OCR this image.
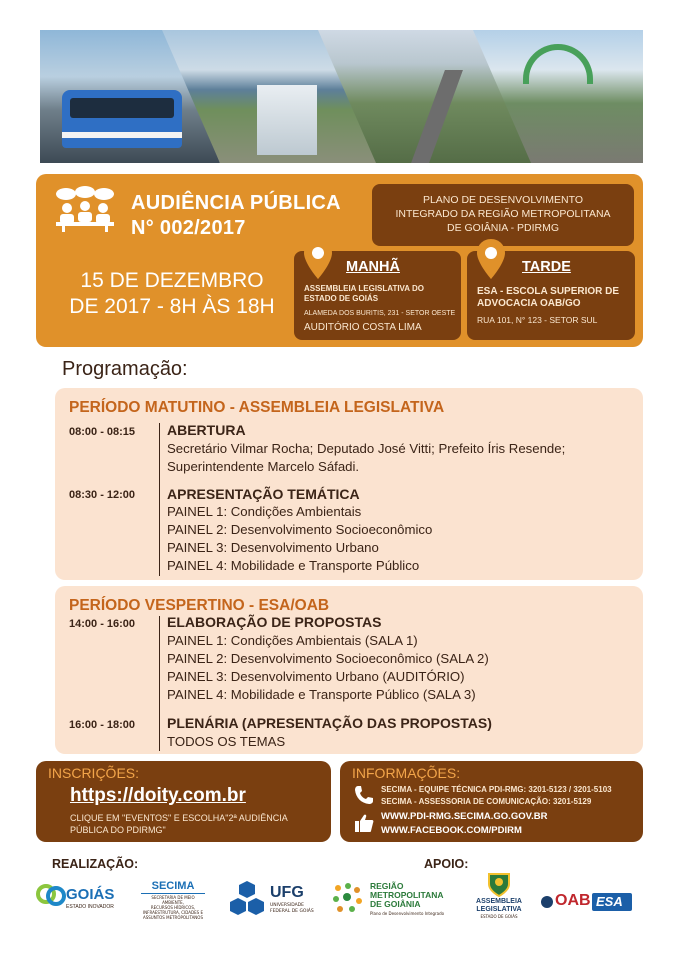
AUDIÊNCIA PÚBLICA
N° 002/2017
PLANO DE DESENVOLVIMENTO
INTEGRADO DA REGIÃO METROPOLITANA
DE GOIÂNIA - PDIRMG
15 DE DEZEMBRO
DE 2017 - 8H ÀS 18H
MANHÃ
ASSEMBLEIA LEGISLATIVA DO
ESTADO DE GOIÁS
ALAMEDA DOS BURITIS, 231 - SETOR OESTE
AUDITÓRIO COSTA LIMA
TARDE
ESA - ESCOLA SUPERIOR DE
ADVOCACIA OAB/GO
RUA 101, N° 123 - SETOR SUL
Programação:
PERÍODO MATUTINO - ASSEMBLEIA LEGISLATIVA
08:00 - 08:15 ABERTURA
Secretário Vilmar Rocha; Deputado José Vitti; Prefeito Íris Resende;
Superintendente Marcelo Sáfadi.
08:30 - 12:00 APRESENTAÇÃO TEMÁTICA
PAINEL 1: Condições Ambientais
PAINEL 2: Desenvolvimento Socioeconômico
PAINEL 3: Desenvolvimento Urbano
PAINEL 4: Mobilidade e Transporte Público
PERÍODO VESPERTINO - ESA/OAB
14:00 - 16:00 ELABORAÇÃO DE PROPOSTAS
PAINEL 1: Condições Ambientais (SALA 1)
PAINEL 2: Desenvolvimento Socioeconômico (SALA 2)
PAINEL 3: Desenvolvimento Urbano (AUDITÓRIO)
PAINEL 4: Mobilidade e Transporte Público (SALA 3)
16:00 - 18:00 PLENÁRIA (APRESENTAÇÃO DAS PROPOSTAS)
TODOS OS TEMAS
INSCRIÇÕES:
https://doity.com.br
CLIQUE EM "EVENTOS" E ESCOLHA"2ª AUDIÊNCIA
PÚBLICA DO PDIRMG"
INFORMAÇÕES:
SECIMA - EQUIPE TÉCNICA PDI-RMG: 3201-5123 / 3201-5103
SECIMA - ASSESSORIA DE COMUNICAÇÃO: 3201-5129
WWW.PDI-RMG.SECIMA.GO.GOV.BR
WWW.FACEBOOK.COM/PDIRM
REALIZAÇÃO:	APOIO:
GOIÁS
ESTADO INOVADOR
SECIMA
SECRETARIA DE MEIO AMBIENTE,
RECURSOS HÍDRICOS,
INFRAESTRUTURA, CIDADES E
ASSUNTOS METROPOLITANOS
UFG
UNIVERSIDADE
FEDERAL DE GOIÁS
REGIÃO
METROPOLITANA
DE GOIÂNIA
Plano de Desenvolvimento Integrado
ASSEMBLEIA
LEGISLATIVA
ESTADO DE GOIÁS
OAB ESA
